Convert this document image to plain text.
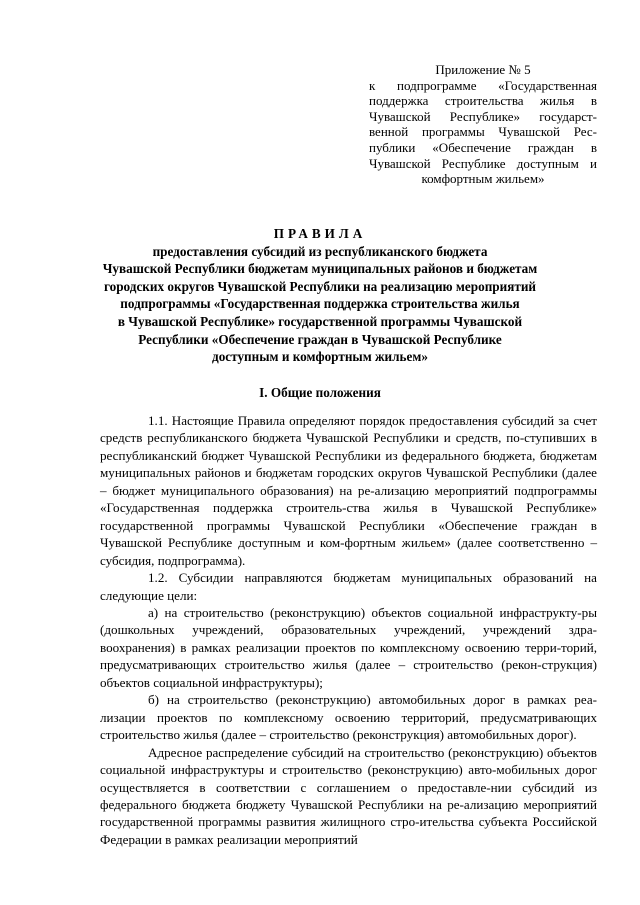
Приложение № 5
к подпрограмме «Государственная поддержка строительства жилья в Чувашской Республике» государст- венной программы Чувашской Рес- публики «Обеспечение граждан в Чувашской Республике доступным и комфортным жильем»
ПРАВИЛА
предоставления субсидий из республиканского бюджета
Чувашской Республики бюджетам муниципальных районов и бюджетам
городских округов Чувашской Республики на реализацию мероприятий
подпрограммы «Государственная поддержка строительства жилья
в Чувашской Республике» государственной программы Чувашской
Республики «Обеспечение граждан в Чувашской Республике
доступным и комфортным жильем»
I. Общие положения

1.1. Настоящие Правила определяют порядок предоставления субсидий за счет средств республиканского бюджета Чувашской Республики и средств, по-ступивших в республиканский бюджет Чувашской Республики из федерального бюджета, бюджетам муниципальных районов и бюджетам городских округов Чувашской Республики (далее – бюджет муниципального образования) на ре-ализацию мероприятий подпрограммы «Государственная поддержка строитель-ства жилья в Чувашской Республике» государственной программы Чувашской Республики «Обеспечение граждан в Чувашской Республике доступным и ком-фортным жильем» (далее соответственно – субсидия, подпрограмма).

1.2. Субсидии направляются бюджетам муниципальных образований на следующие цели:

а) на строительство (реконструкцию) объектов социальной инфраструкту-ры (дошкольных учреждений, образовательных учреждений, учреждений здра-воохранения) в рамках реализации проектов по комплексному освоению терри-торий, предусматривающих строительство жилья (далее – строительство (рекон-струкция) объектов социальной инфраструктуры);

б) на строительство (реконструкцию) автомобильных дорог в рамках реа-лизации проектов по комплексному освоению территорий, предусматривающих строительство жилья (далее – строительство (реконструкция) автомобильных дорог).

Адресное распределение субсидий на строительство (реконструкцию) объектов социальной инфраструктуры и строительство (реконструкцию) авто-мобильных дорог осуществляется в соответствии с соглашением о предоставле-нии субсидий из федерального бюджета бюджету Чувашской Республики на ре-ализацию мероприятий государственной программы развития жилищного стро-ительства субъекта Российской Федерации в рамках реализации мероприятий
